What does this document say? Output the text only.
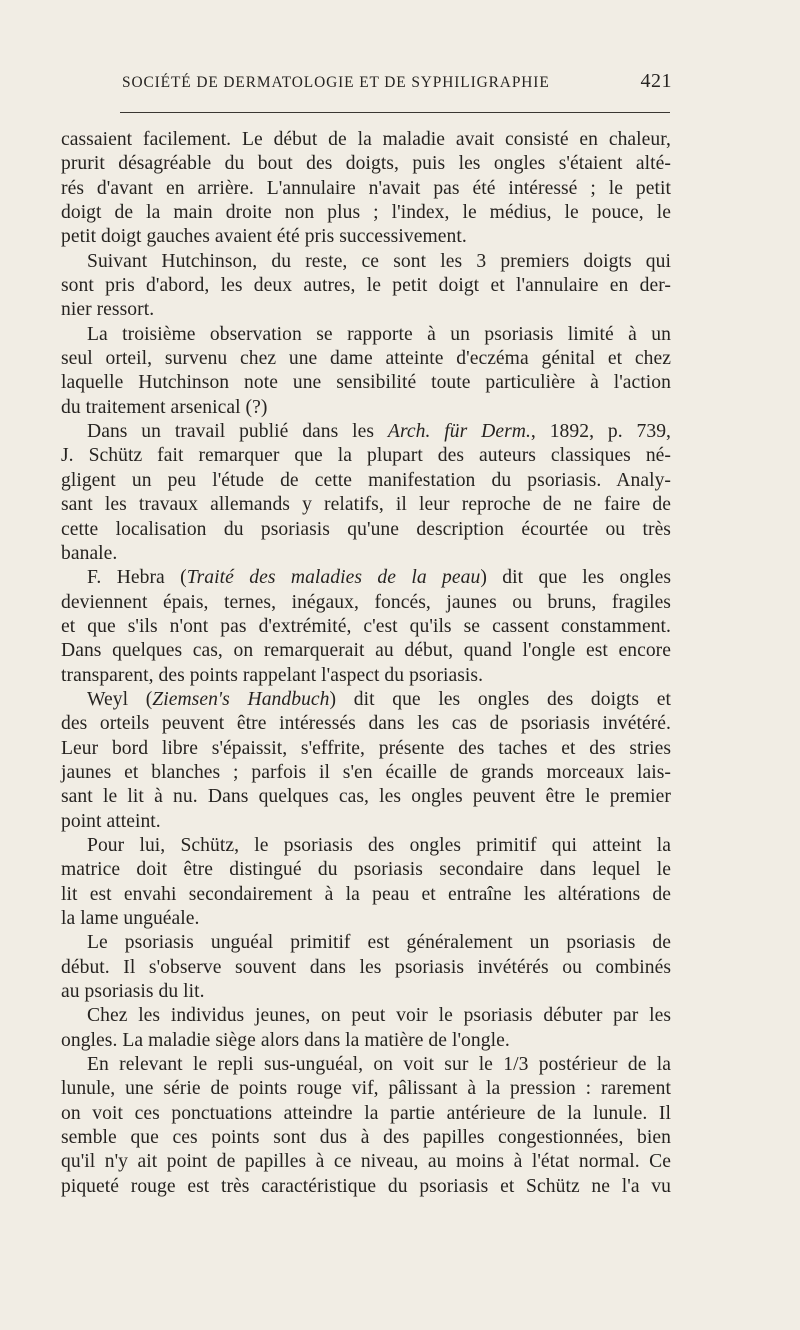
SOCIÉTÉ DE DERMATOLOGIE ET DE SYPHILIGRAPHIE	421

cassaient facilement. Le début de la maladie avait consisté en chaleur,

prurit désagréable du bout des doigts, puis les ongles s'étaient alté-

rés d'avant en arrière. L'annulaire n'avait pas été intéressé ; le petit

doigt de la main droite non plus ; l'index, le médius, le pouce, le

petit doigt gauches avaient été pris successivement.

Suivant Hutchinson, du reste, ce sont les 3 premiers doigts qui

sont pris d'abord, les deux autres, le petit doigt et l'annulaire en der-

nier ressort.

La troisième observation se rapporte à un psoriasis limité à un

seul orteil, survenu chez une dame atteinte d'eczéma génital et chez

laquelle Hutchinson note une sensibilité toute particulière à l'action

du traitement arsenical (?)

Dans un travail publié dans les Arch. für Derm., 1892, p. 739,

J. Schütz fait remarquer que la plupart des auteurs classiques né-

gligent un peu l'étude de cette manifestation du psoriasis. Analy-

sant les travaux allemands y relatifs, il leur reproche de ne faire de

cette localisation du psoriasis qu'une description écourtée ou très

banale.

F. Hebra (Traité des maladies de la peau) dit que les ongles

deviennent épais, ternes, inégaux, foncés, jaunes ou bruns, fragiles

et que s'ils n'ont pas d'extrémité, c'est qu'ils se cassent constamment.

Dans quelques cas, on remarquerait au début, quand l'ongle est encore

transparent, des points rappelant l'aspect du psoriasis.

Weyl (Ziemsen's Handbuch) dit que les ongles des doigts et

des orteils peuvent être intéressés dans les cas de psoriasis invétéré.

Leur bord libre s'épaissit, s'effrite, présente des taches et des stries

jaunes et blanches ; parfois il s'en écaille de grands morceaux lais-

sant le lit à nu. Dans quelques cas, les ongles peuvent être le premier

point atteint.

Pour lui, Schütz, le psoriasis des ongles primitif qui atteint la

matrice doit être distingué du psoriasis secondaire dans lequel le

lit est envahi secondairement à la peau et entraîne les altérations de

la lame unguéale.

Le psoriasis unguéal primitif est généralement un psoriasis de

début. Il s'observe souvent dans les psoriasis invétérés ou combinés

au psoriasis du lit.

Chez les individus jeunes, on peut voir le psoriasis débuter par les

ongles. La maladie siège alors dans la matière de l'ongle.

En relevant le repli sus-unguéal, on voit sur le 1/3 postérieur de la

lunule, une série de points rouge vif, pâlissant à la pression : rarement

on voit ces ponctuations atteindre la partie antérieure de la lunule. Il

semble que ces points sont dus à des papilles congestionnées, bien

qu'il n'y ait point de papilles à ce niveau, au moins à l'état normal. Ce

piqueté rouge est très caractéristique du psoriasis et Schütz ne l'a vu
